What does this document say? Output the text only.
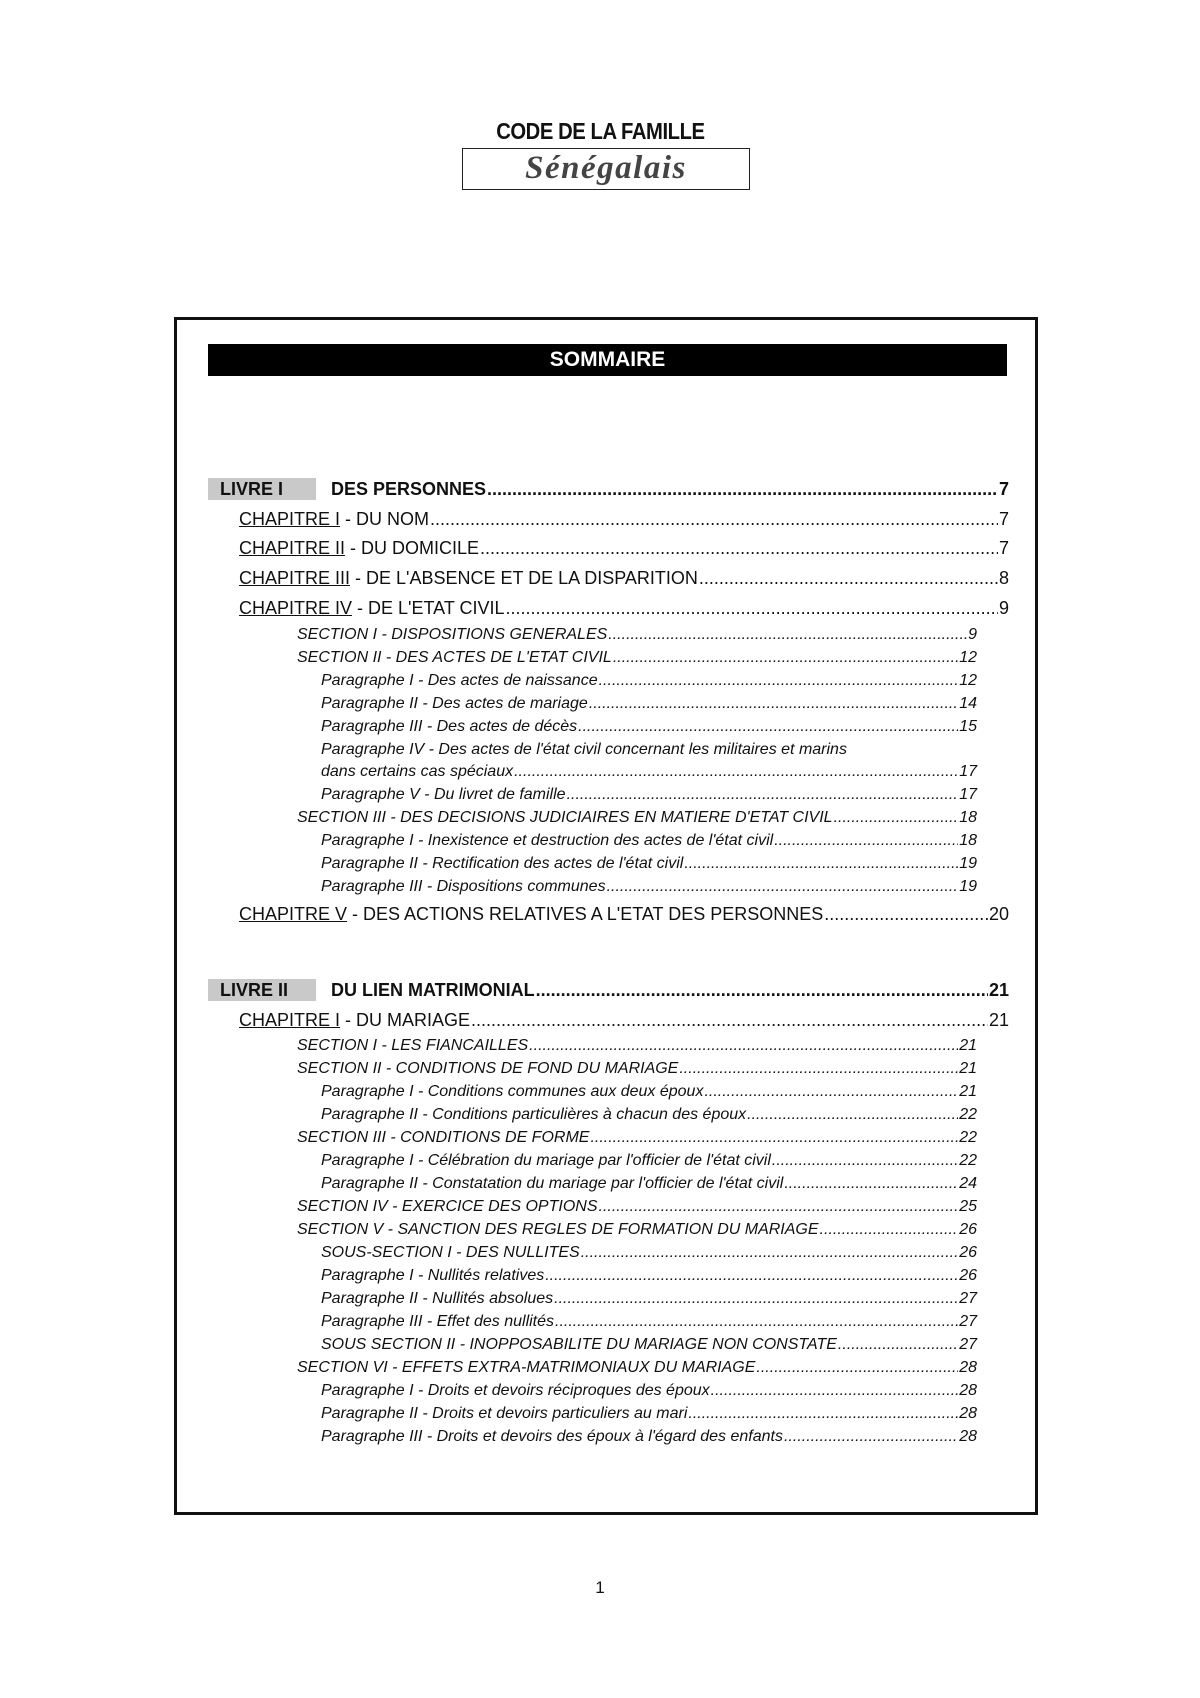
CODE DE LA FAMILLE
Sénégalais
SOMMAIRE
LIVRE I	DES PERSONNES .....	7
CHAPITRE I - DU NOM .....	7
CHAPITRE II - DU DOMICILE .....	7
CHAPITRE III - DE L'ABSENCE ET DE LA DISPARITION .....	8
CHAPITRE IV - DE L'ETAT CIVIL .....	9
SECTION I - DISPOSITIONS GENERALES .....	9
SECTION II - DES ACTES DE L'ETAT CIVIL .....	12
Paragraphe I - Des actes de naissance .....	12
Paragraphe II - Des actes de mariage .....	14
Paragraphe III - Des actes de décès .....	15
Paragraphe IV - Des actes de l'état civil concernant les militaires et marins
dans certains cas spéciaux .....	17
Paragraphe V - Du livret de famille .....	17
SECTION III - DES DECISIONS JUDICIAIRES EN MATIERE D'ETAT CIVIL .....	18
Paragraphe I - Inexistence et destruction des actes de l'état civil .....	18
Paragraphe II - Rectification des actes de l'état civil .....	19
Paragraphe III - Dispositions communes .....	19
CHAPITRE V - DES ACTIONS RELATIVES A L'ETAT DES PERSONNES .....	20
LIVRE II	DU LIEN MATRIMONIAL .....	21
CHAPITRE I - DU MARIAGE .....	21
SECTION I - LES FIANCAILLES .....	21
SECTION II - CONDITIONS DE FOND DU MARIAGE .....	21
Paragraphe I - Conditions communes aux deux époux .....	21
Paragraphe II - Conditions particulières à chacun des époux .....	22
SECTION III - CONDITIONS DE FORME .....	22
Paragraphe I - Célébration du mariage par l'officier de l'état civil .....	22
Paragraphe II - Constatation du mariage par l'officier de l'état civil .....	24
SECTION IV - EXERCICE DES OPTIONS .....	25
SECTION V - SANCTION DES REGLES DE FORMATION DU MARIAGE .....	26
SOUS-SECTION I - DES NULLITES .....	26
Paragraphe I - Nullités relatives .....	26
Paragraphe II - Nullités absolues .....	27
Paragraphe III - Effet des nullités .....	27
SOUS SECTION II - INOPPOSABILITE DU MARIAGE NON CONSTATE .....	27
SECTION VI - EFFETS EXTRA-MATRIMONIAUX DU MARIAGE .....	28
Paragraphe I - Droits et devoirs réciproques des époux .....	28
Paragraphe II - Droits et devoirs particuliers au mari .....	28
Paragraphe III - Droits et devoirs des époux à l'égard des enfants .....	28
1
